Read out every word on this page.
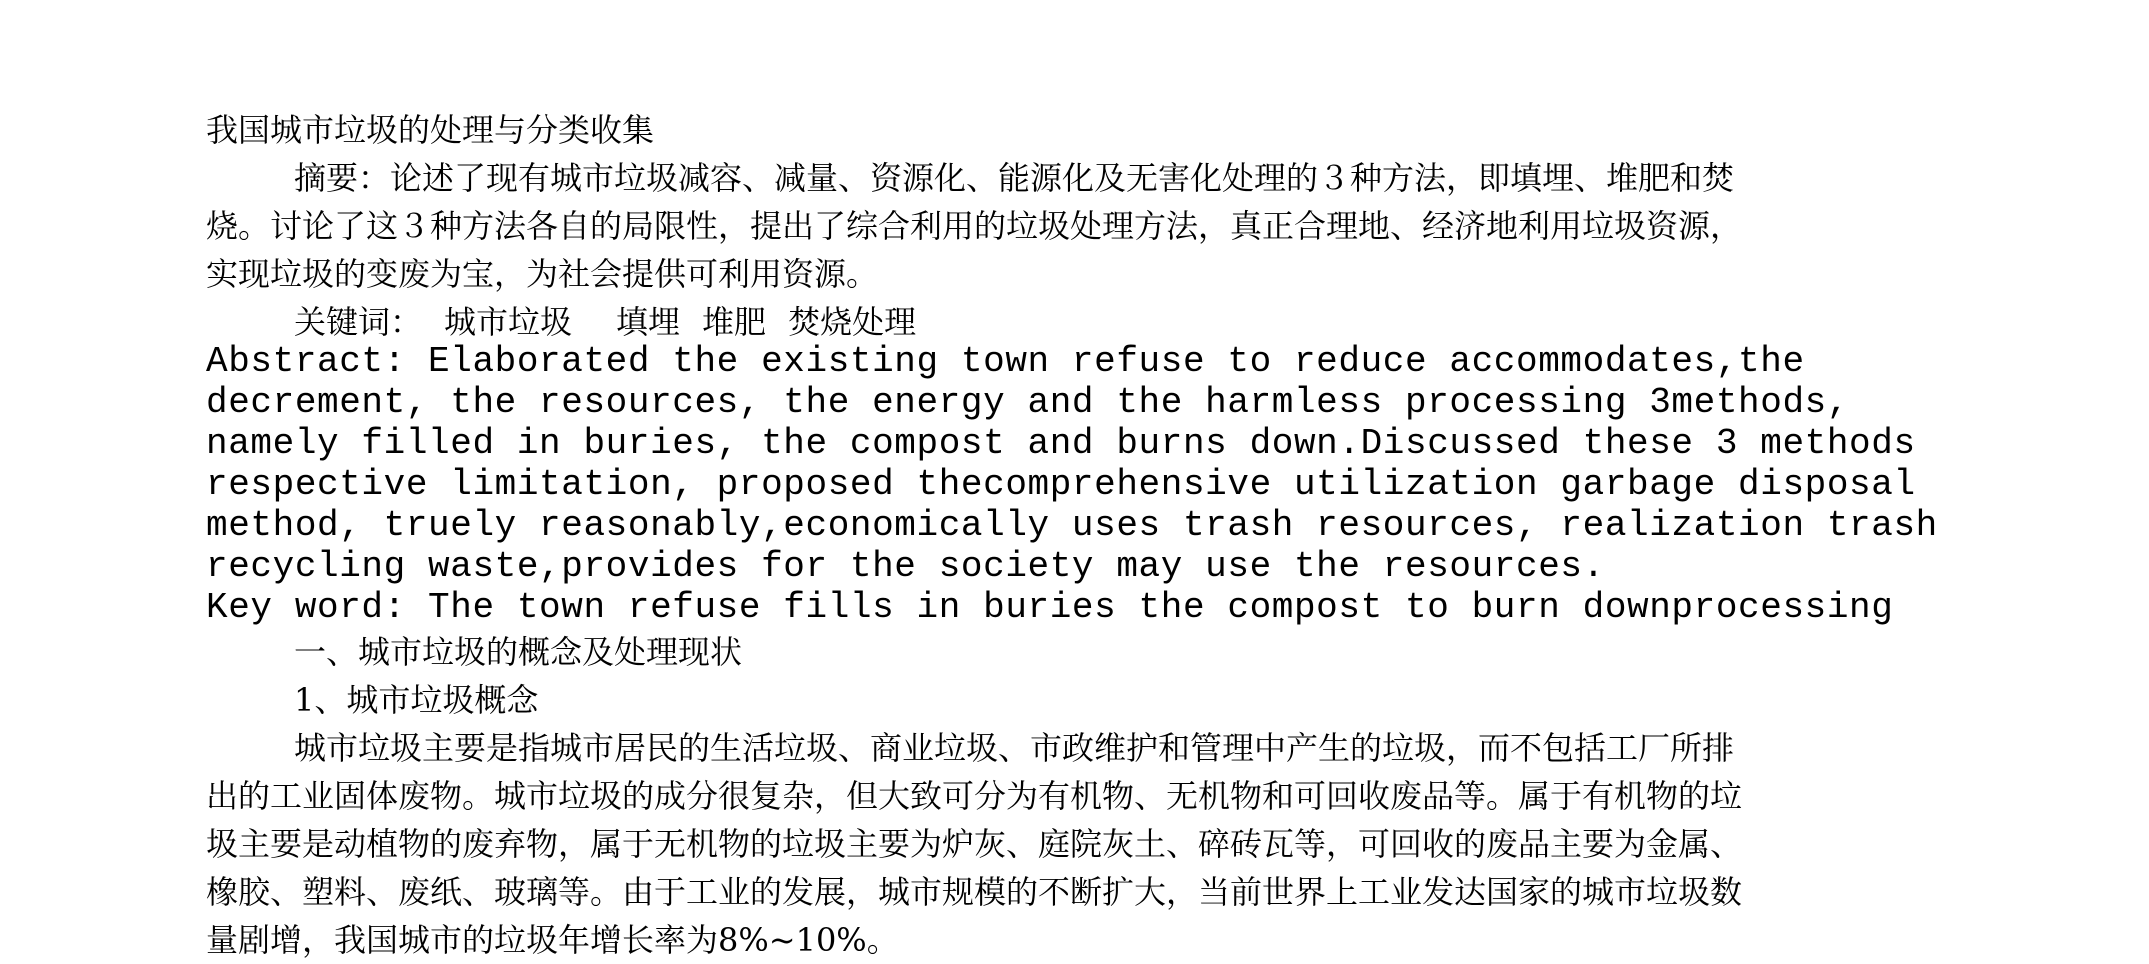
我国城市垃圾的处理与分类收集
摘要：论述了现有城市垃圾减容、减量、资源化、能源化及无害化处理的３种方法，即填埋、堆肥和焚
烧。讨论了这３种方法各自的局限性，提出了综合利用的垃圾处理方法，真正合理地、经济地利用垃圾资源，
实现垃圾的变废为宝，为社会提供可利用资源。
关键词： 城市垃圾 填埋 堆肥 焚烧处理
Abstract: Elaborated the existing town refuse to reduce accommodates,the
decrement, the resources, the energy and the harmless processing 3methods,
namely filled in buries, the compost and burns down.Discussed these 3 methods
respective limitation, proposed thecomprehensive utilization garbage disposal
method, truely reasonably,economically uses trash resources, realization trash
recycling waste,provides for the society may use the resources.
Key word: The town refuse fills in buries the compost to burn downprocessing
一、城市垃圾的概念及处理现状
1、城市垃圾概念
城市垃圾主要是指城市居民的生活垃圾、商业垃圾、市政维护和管理中产生的垃圾，而不包括工厂所排
出的工业固体废物。城市垃圾的成分很复杂，但大致可分为有机物、无机物和可回收废品等。属于有机物的垃
圾主要是动植物的废弃物，属于无机物的垃圾主要为炉灰、庭院灰土、碎砖瓦等，可回收的废品主要为金属、
橡胶、塑料、废纸、玻璃等。由于工业的发展，城市规模的不断扩大，当前世界上工业发达国家的城市垃圾数
量剧增，我国城市的垃圾年增长率为8%~10%。
